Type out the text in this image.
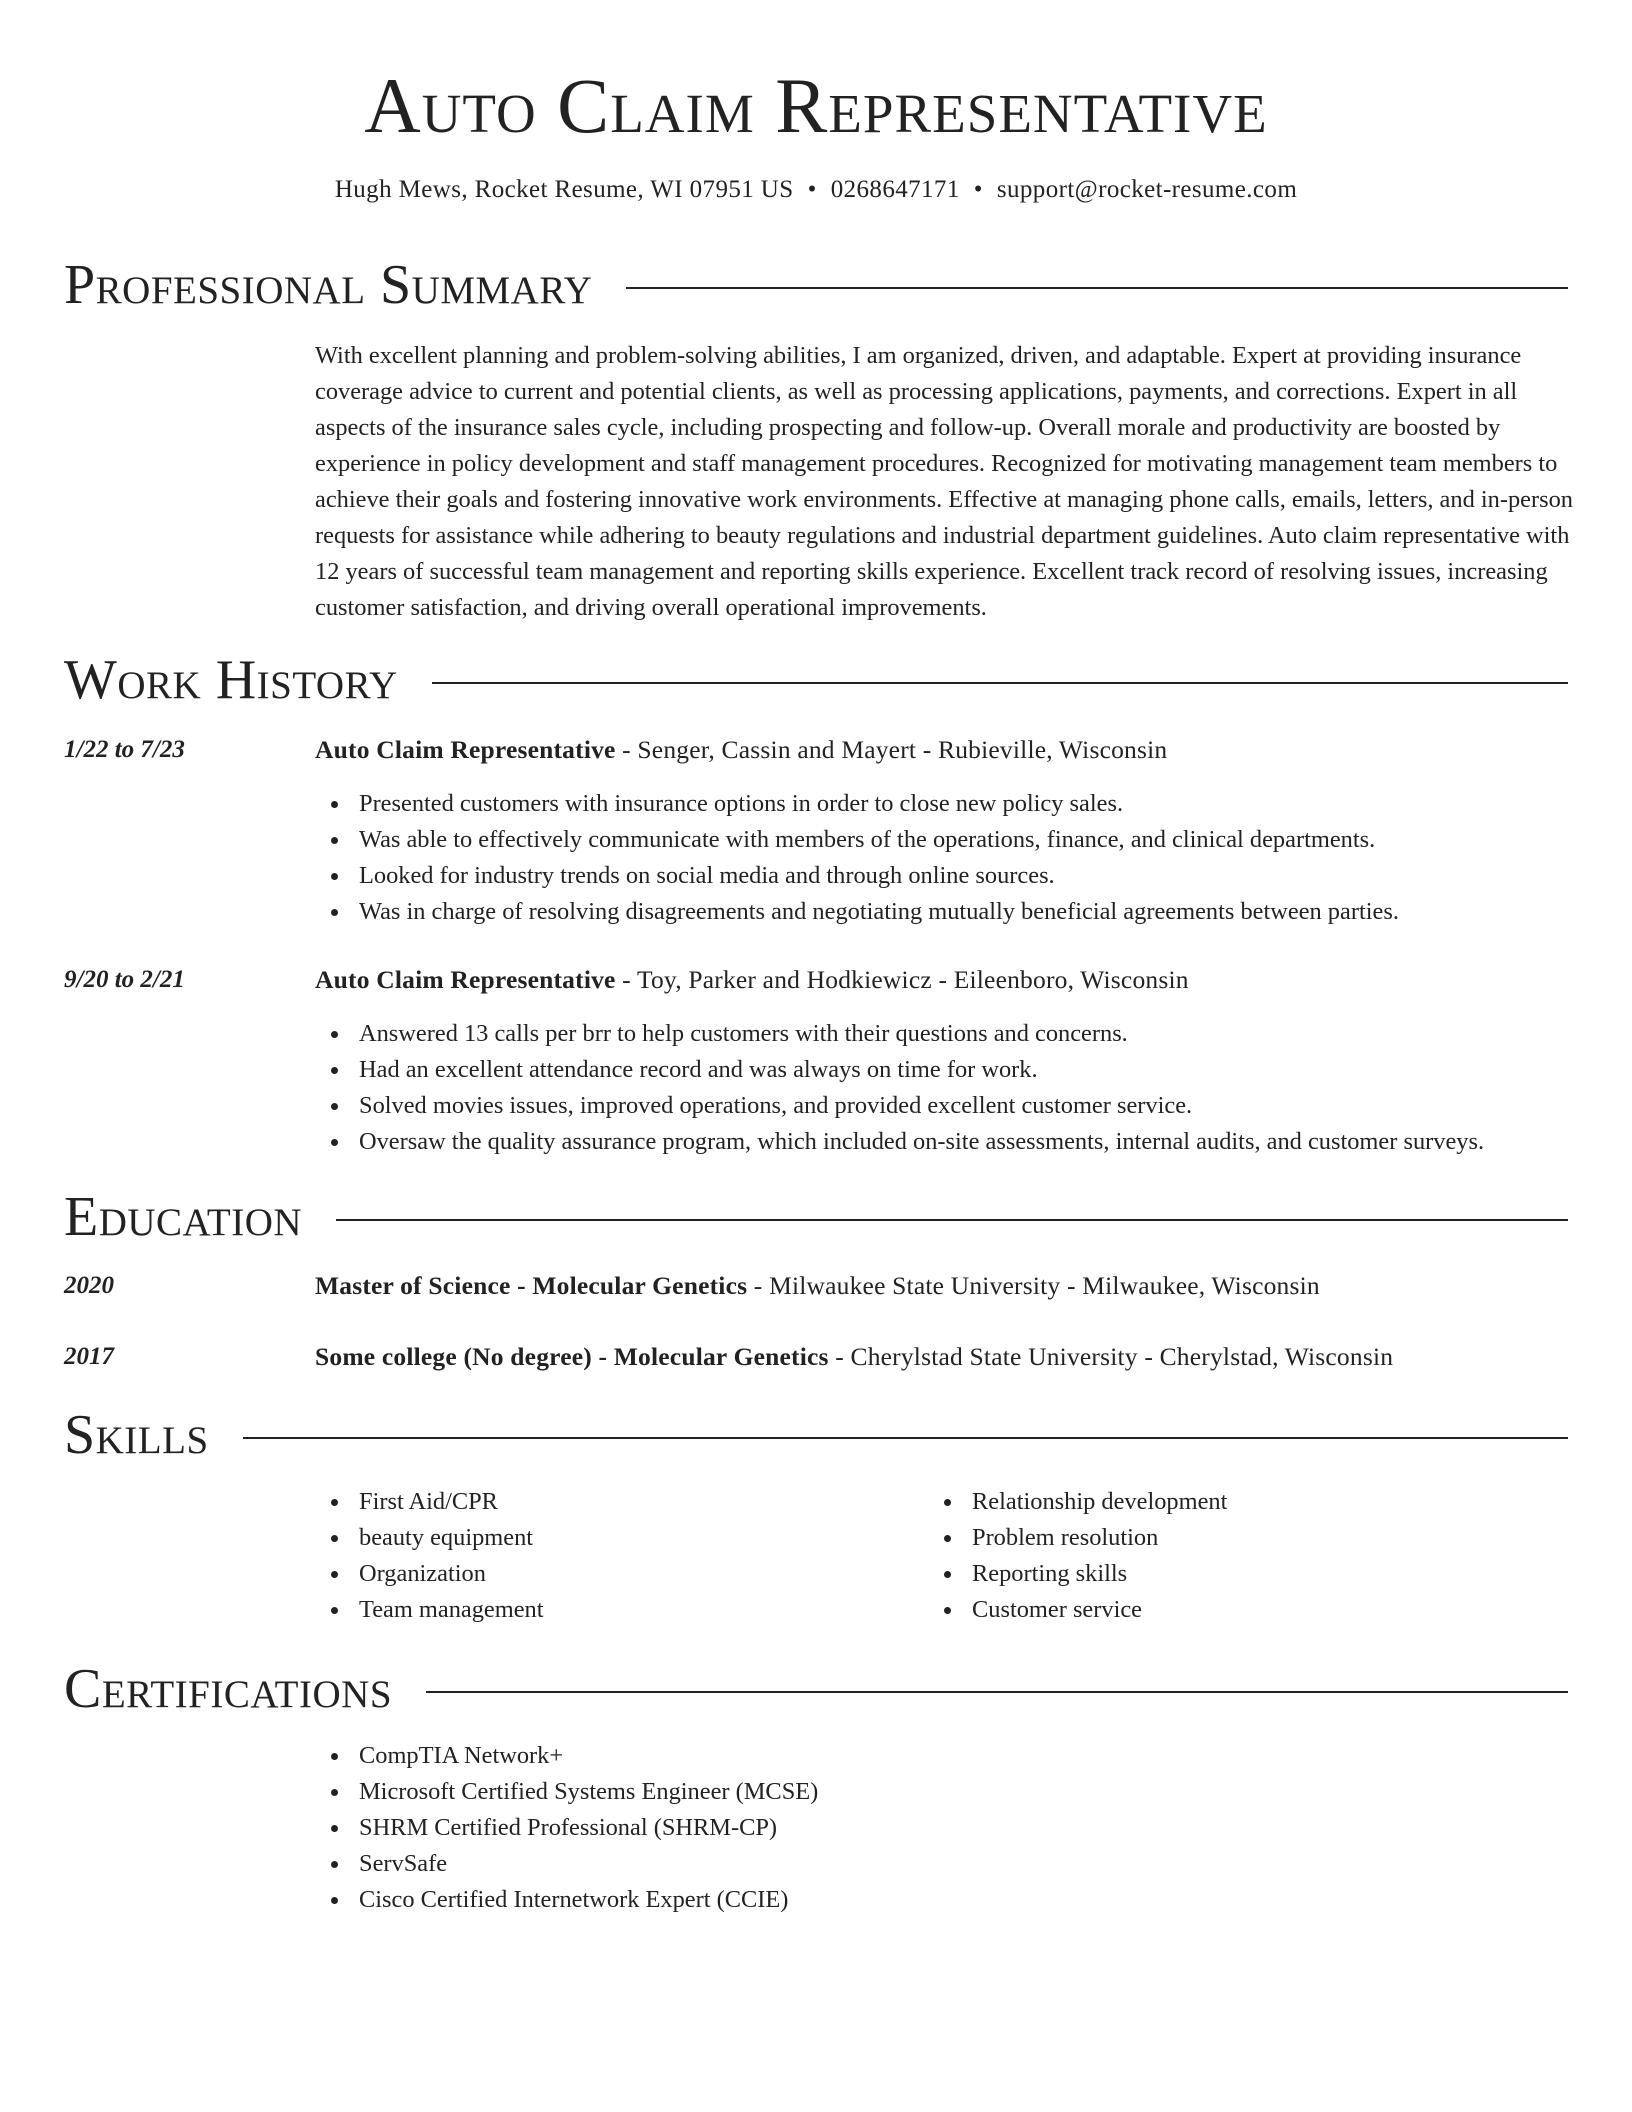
Auto Claim Representative
Hugh Mews, Rocket Resume, WI 07951 US • 0268647171 • support@rocket-resume.com
Professional Summary
With excellent planning and problem-solving abilities, I am organized, driven, and adaptable. Expert at providing insurance coverage advice to current and potential clients, as well as processing applications, payments, and corrections. Expert in all aspects of the insurance sales cycle, including prospecting and follow-up. Overall morale and productivity are boosted by experience in policy development and staff management procedures. Recognized for motivating management team members to achieve their goals and fostering innovative work environments. Effective at managing phone calls, emails, letters, and in-person requests for assistance while adhering to beauty regulations and industrial department guidelines. Auto claim representative with 12 years of successful team management and reporting skills experience. Excellent track record of resolving issues, increasing customer satisfaction, and driving overall operational improvements.
Work History
1/22 to 7/23	Auto Claim Representative - Senger, Cassin and Mayert - Rubieville, Wisconsin
Presented customers with insurance options in order to close new policy sales.
Was able to effectively communicate with members of the operations, finance, and clinical departments.
Looked for industry trends on social media and through online sources.
Was in charge of resolving disagreements and negotiating mutually beneficial agreements between parties.
9/20 to 2/21	Auto Claim Representative - Toy, Parker and Hodkiewicz - Eileenboro, Wisconsin
Answered 13 calls per brr to help customers with their questions and concerns.
Had an excellent attendance record and was always on time for work.
Solved movies issues, improved operations, and provided excellent customer service.
Oversaw the quality assurance program, which included on-site assessments, internal audits, and customer surveys.
Education
2020	Master of Science - Molecular Genetics - Milwaukee State University - Milwaukee, Wisconsin
2017	Some college (No degree) - Molecular Genetics - Cherylstad State University - Cherylstad, Wisconsin
Skills
First Aid/CPR
beauty equipment
Organization
Team management
Relationship development
Problem resolution
Reporting skills
Customer service
Certifications
CompTIA Network+
Microsoft Certified Systems Engineer (MCSE)
SHRM Certified Professional (SHRM-CP)
ServSafe
Cisco Certified Internetwork Expert (CCIE)
